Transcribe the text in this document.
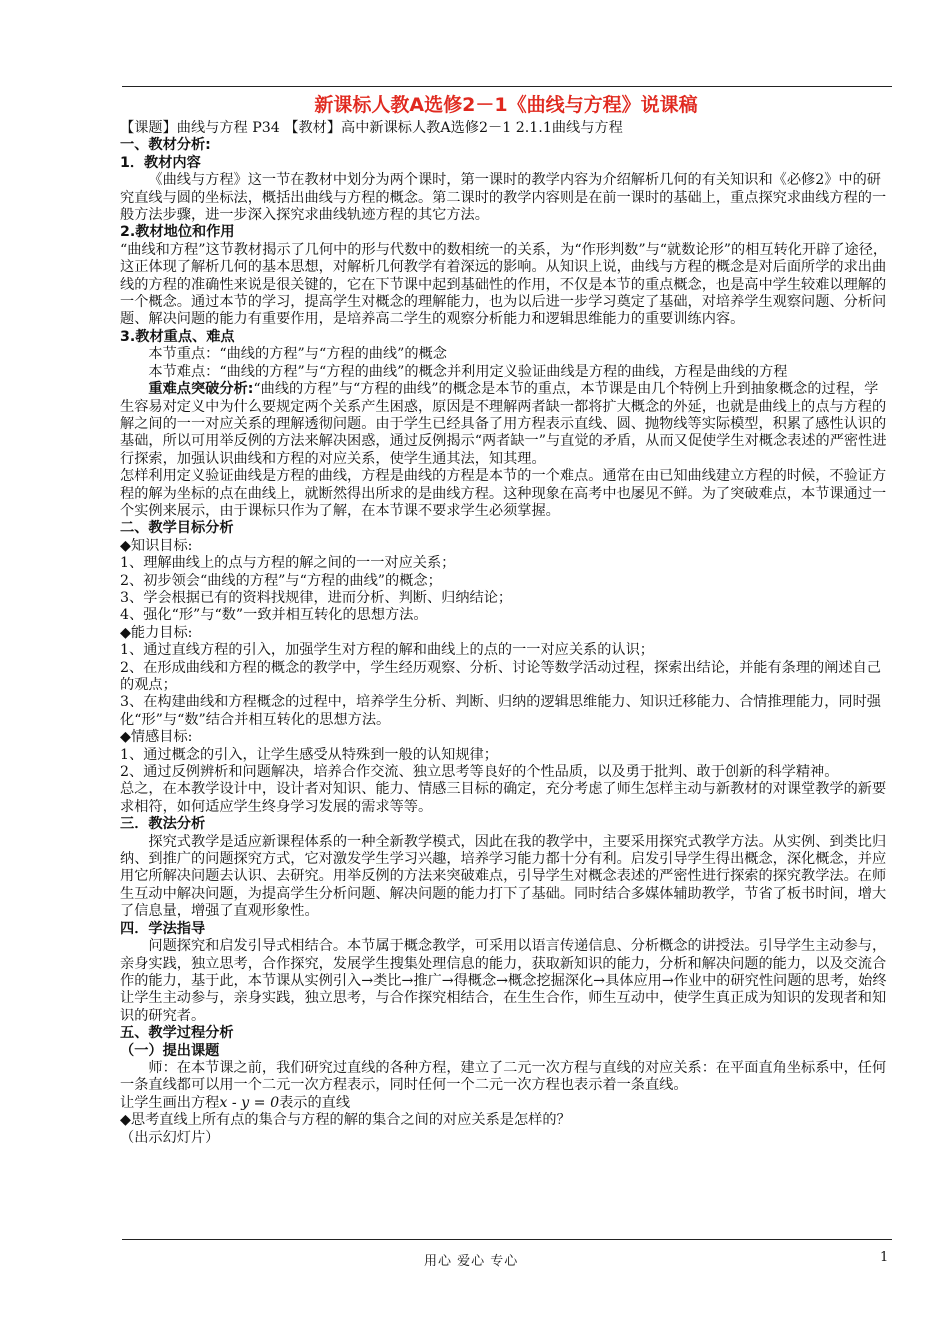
新课标人教A选修2－1《曲线与方程》说课稿

【课题】曲线与方程 P34 【教材】高中新课标人教A选修2－1 2.1.1曲线与方程

一、教材分析:

1．教材内容

《曲线与方程》这一节在教材中划分为两个课时，第一课时的教学内容为介绍解析几何的有关知识和《必修2》中的研究直线与圆的坐标法，概括出曲线与方程的概念。第二课时的教学内容则是在前一课时的基础上，重点探究求曲线方程的一般方法步骤，进一步深入探究求曲线轨迹方程的其它方法。

2.教材地位和作用

“曲线和方程”这节教材揭示了几何中的形与代数中的数相统一的关系，为“作形判数”与“就数论形”的相互转化开辟了途径，这正体现了解析几何的基本思想，对解析几何教学有着深远的影响。从知识上说，曲线与方程的概念是对后面所学的求出曲线的方程的准确性来说是很关键的，它在下节课中起到基础性的作用，不仅是本节的重点概念，也是高中学生较难以理解的一个概念。通过本节的学习，提高学生对概念的理解能力，也为以后进一步学习奠定了基础，对培养学生观察问题、分析问题、解决问题的能力有重要作用，是培养高二学生的观察分析能力和逻辑思维能力的重要训练内容。

3.教材重点、难点

本节重点：“曲线的方程”与“方程的曲线”的概念

本节难点：“曲线的方程”与“方程的曲线”的概念并利用定义验证曲线是方程的曲线，方程是曲线的方程

重难点突破分析:“曲线的方程”与“方程的曲线”的概念是本节的重点，本节课是由几个特例上升到抽象概念的过程，学生容易对定义中为什么要规定两个关系产生困惑，原因是不理解两者缺一都将扩大概念的外延，也就是曲线上的点与方程的解之间的一一对应关系的理解透彻问题。由于学生已经具备了用方程表示直线、圆、抛物线等实际模型，积累了感性认识的基础，所以可用举反例的方法来解决困惑，通过反例揭示“两者缺一”与直觉的矛盾，从而又促使学生对概念表述的严密性进行探索，加强认识曲线和方程的对应关系，使学生通其法，知其理。

怎样利用定义验证曲线是方程的曲线，方程是曲线的方程是本节的一个难点。通常在由已知曲线建立方程的时候，不验证方程的解为坐标的点在曲线上，就断然得出所求的是曲线方程。这种现象在高考中也屡见不鲜。为了突破难点，本节课通过一个实例来展示，由于课标只作为了解，在本节课不要求学生必须掌握。

二、教学目标分析

◆知识目标:

1、理解曲线上的点与方程的解之间的一一对应关系；

2、初步领会“曲线的方程”与“方程的曲线”的概念；

3、学会根据已有的资料找规律，进而分析、判断、归纳结论；

4、强化“形”与“数”一致并相互转化的思想方法。

◆能力目标:

1、通过直线方程的引入，加强学生对方程的解和曲线上的点的一一对应关系的认识；

2、在形成曲线和方程的概念的教学中，学生经历观察、分析、讨论等数学活动过程，探索出结论，并能有条理的阐述自己的观点；

3、在构建曲线和方程概念的过程中，培养学生分析、判断、归纳的逻辑思维能力、知识迁移能力、合情推理能力，同时强化“形”与“数”结合并相互转化的思想方法。

◆情感目标:

1、通过概念的引入，让学生感受从特殊到一般的认知规律；

2、通过反例辨析和问题解决，培养合作交流、独立思考等良好的个性品质，以及勇于批判、敢于创新的科学精神。

总之，在本教学设计中，设计者对知识、能力、情感三目标的确定，充分考虑了师生怎样主动与新教材的对课堂教学的新要求相符，如何适应学生终身学习发展的需求等等。

三．教法分析

探究式教学是适应新课程体系的一种全新教学模式，因此在我的教学中，主要采用探究式教学方法。从实例、到类比归纳、到推广的问题探究方式，它对激发学生学习兴趣，培养学习能力都十分有利。启发引导学生得出概念，深化概念，并应用它所解决问题去认识、去研究。用举反例的方法来突破难点，引导学生对概念表述的严密性进行探索的探究教学法。在师生互动中解决问题，为提高学生分析问题、解决问题的能力打下了基础。同时结合多媒体辅助教学，节省了板书时间，增大了信息量，增强了直观形象性。

四．学法指导

问题探究和启发引导式相结合。本节属于概念教学，可采用以语言传递信息、分析概念的讲授法。引导学生主动参与，亲身实践，独立思考，合作探究，发展学生搜集处理信息的能力，获取新知识的能力，分析和解决问题的能力，以及交流合作的能力，基于此，本节课从实例引入→类比→推广→得概念→概念挖掘深化→具体应用→作业中的研究性问题的思考，始终让学生主动参与，亲身实践，独立思考，与合作探究相结合，在生生合作，师生互动中，使学生真正成为知识的发现者和知识的研究者。

五、教学过程分析

（一）提出课题

师：在本节课之前，我们研究过直线的各种方程，建立了二元一次方程与直线的对应关系：在平面直角坐标系中，任何一条直线都可以用一个二元一次方程表示，同时任何一个二元一次方程也表示着一条直线。

让学生画出方程x - y = 0表示的直线

◆思考直线上所有点的集合与方程的解的集合之间的对应关系是怎样的？

（出示幻灯片）

用心 爱心 专心	1
